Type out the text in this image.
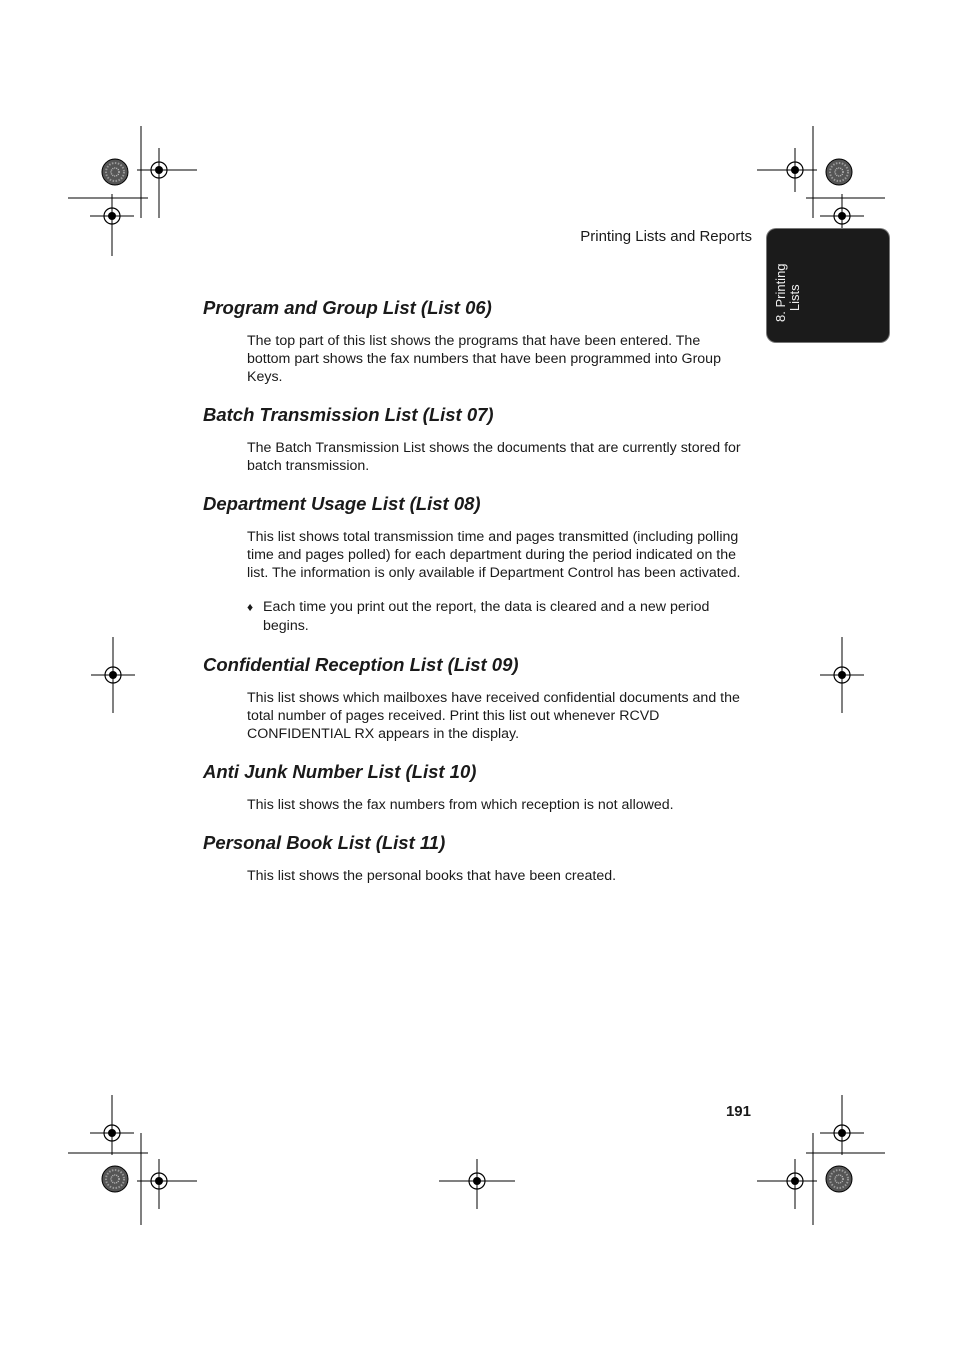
Printing Lists and Reports
8. Printing
Lists
Program and Group List (List 06)

The top part of this list shows the programs that have been entered. The bottom part shows the fax numbers that have been programmed into Group Keys.

Batch Transmission List (List 07)

The Batch Transmission List shows the documents that are currently stored for batch transmission.

Department Usage List (List 08)

This list shows total transmission time and pages transmitted (including polling time and pages polled) for each department during the period indicated on the list. The information is only available if Department Control has been activated.

♦ Each time you print out the report, the data is cleared and a new period begins.
Confidential Reception List (List 09)

This list shows which mailboxes have received confidential documents and the total number of pages received. Print this list out whenever RCVD CONFIDENTIAL RX appears in the display.

Anti Junk Number List (List 10)

This list shows the fax numbers from which reception is not allowed.

Personal Book List (List 11)

This list shows the personal books that have been created.

191
